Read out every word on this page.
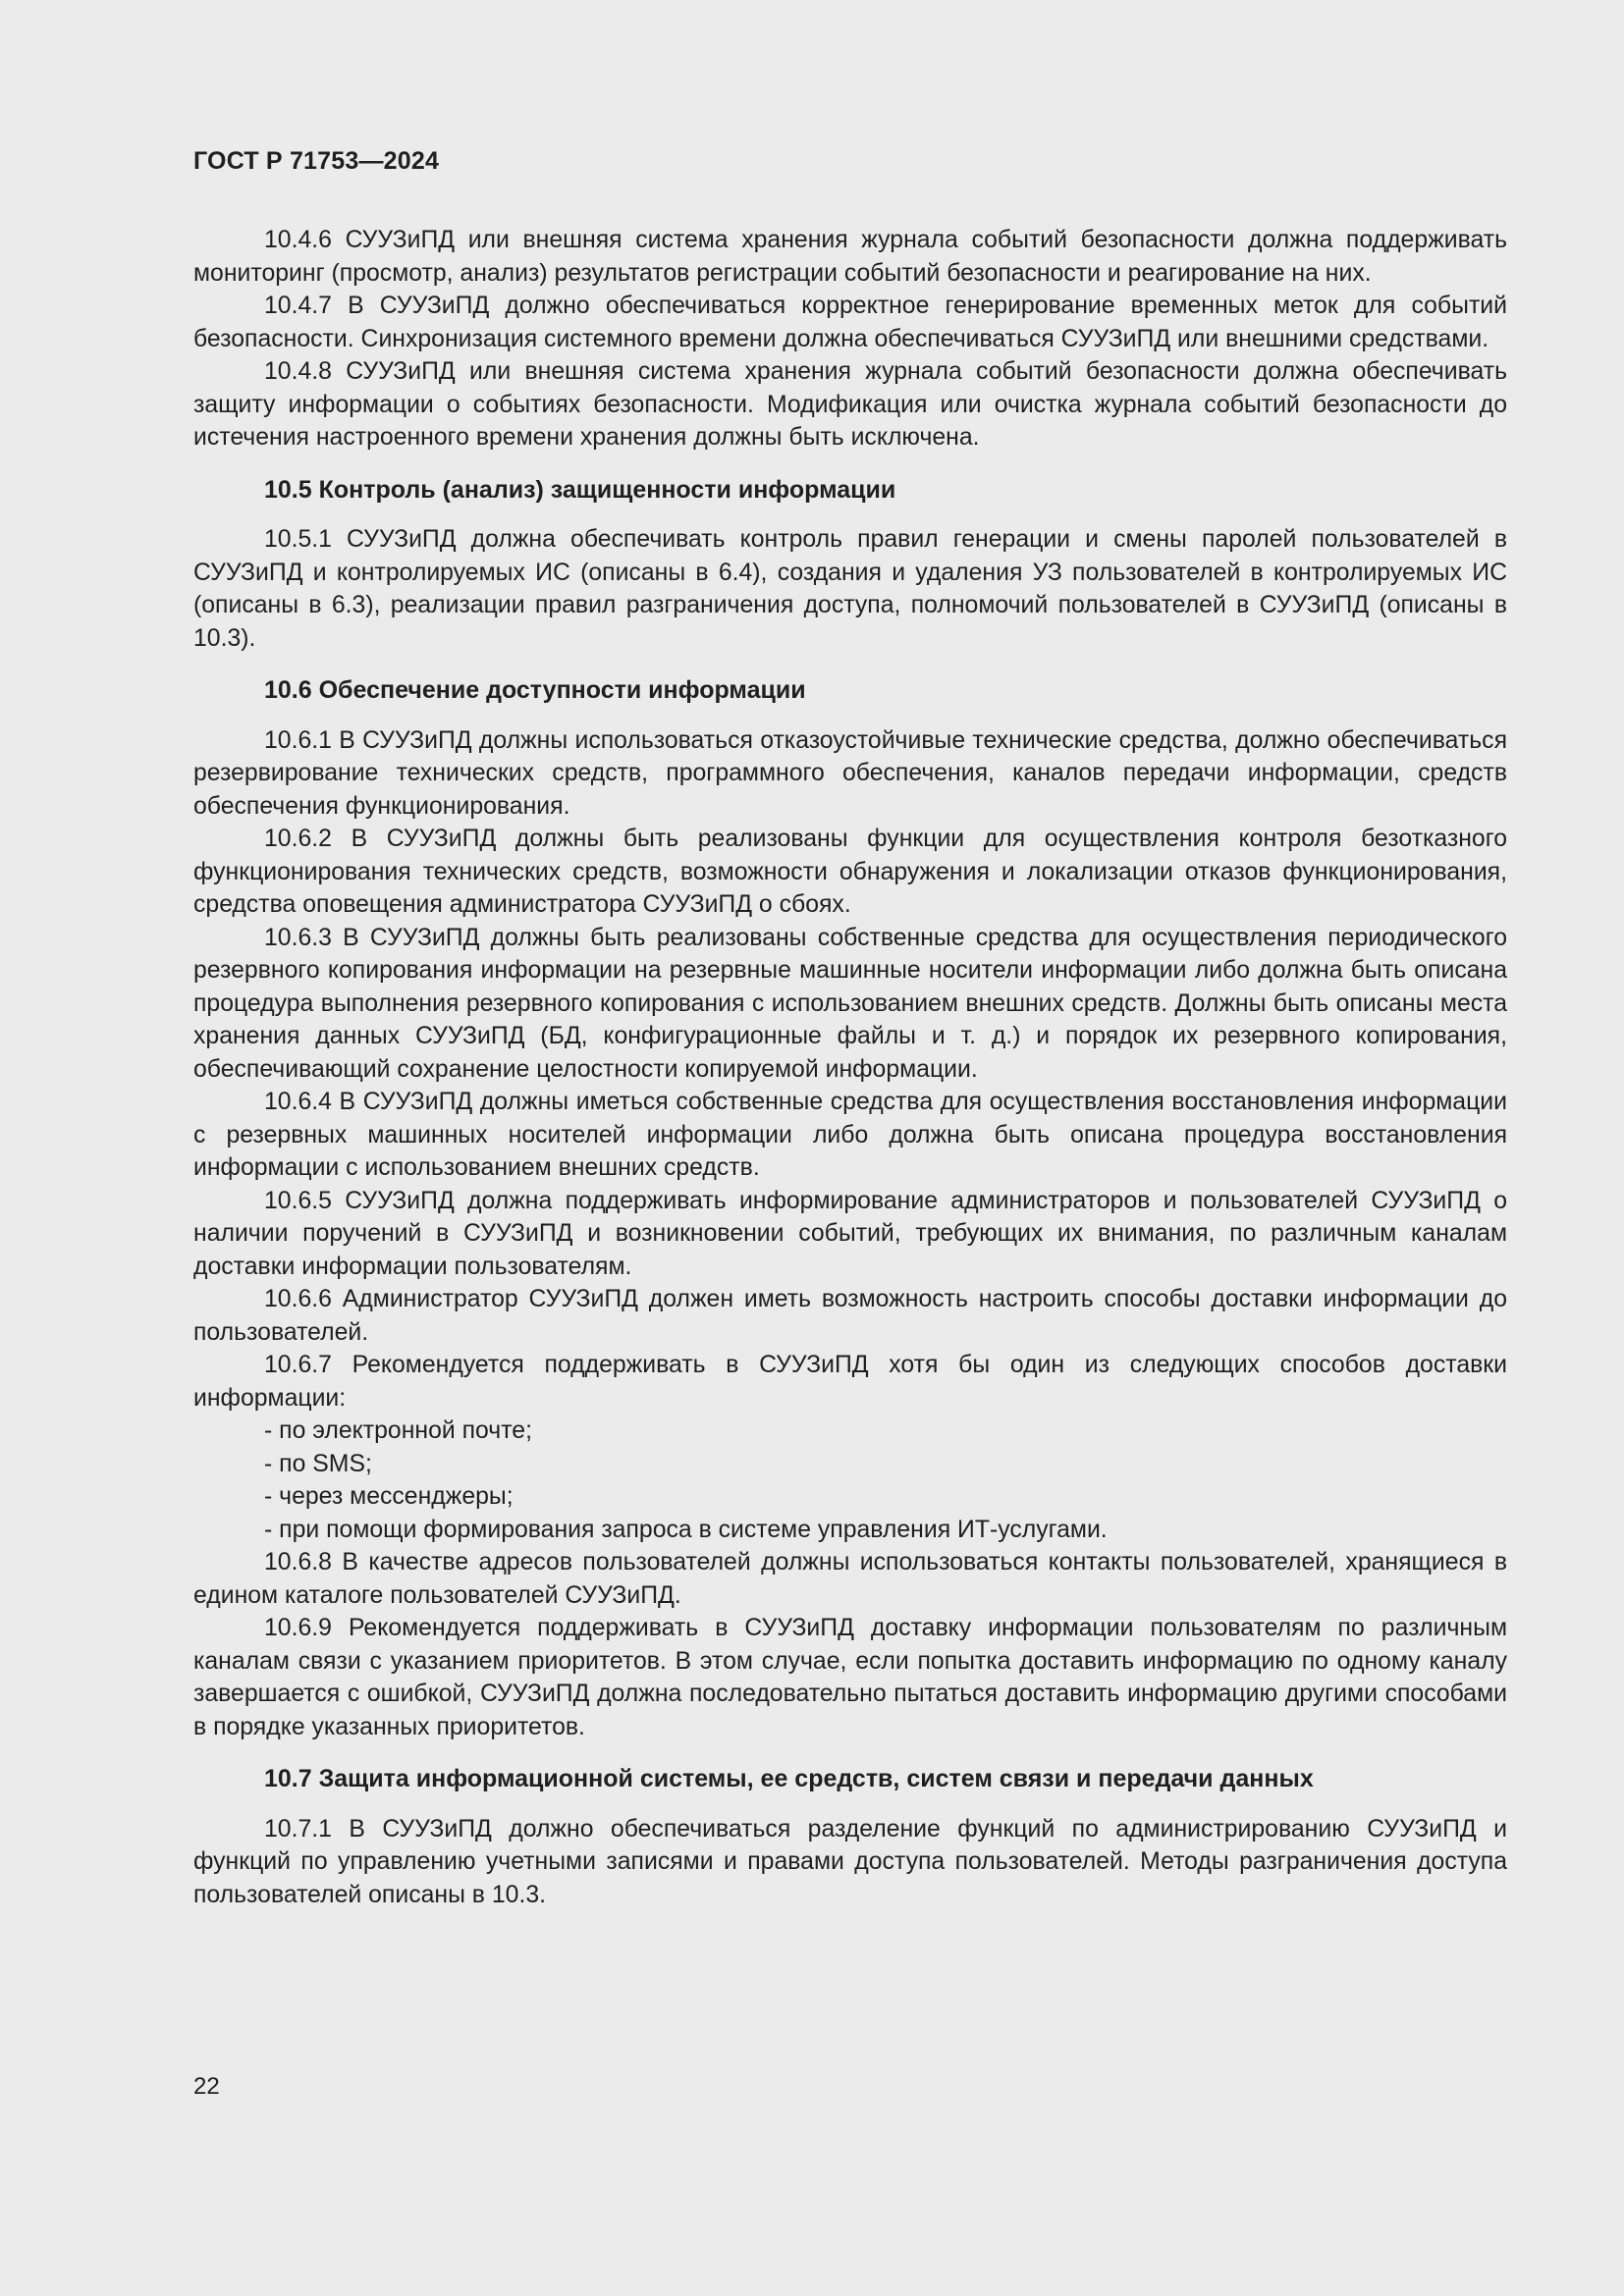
ГОСТ Р 71753—2024

10.4.6 СУУЗиПД или внешняя система хранения журнала событий безопасности должна поддерживать мониторинг (просмотр, анализ) результатов регистрации событий безопасности и реагирование на них.

10.4.7 В СУУЗиПД должно обеспечиваться корректное генерирование временных меток для событий безопасности. Синхронизация системного времени должна обеспечиваться СУУЗиПД или внешними средствами.

10.4.8 СУУЗиПД или внешняя система хранения журнала событий безопасности должна обеспечивать защиту информации о событиях безопасности. Модификация или очистка журнала событий безопасности до истечения настроенного времени хранения должны быть исключена.

10.5 Контроль (анализ) защищенности информации

10.5.1 СУУЗиПД должна обеспечивать контроль правил генерации и смены паролей пользователей в СУУЗиПД и контролируемых ИС (описаны в 6.4), создания и удаления УЗ пользователей в контролируемых ИС (описаны в 6.3), реализации правил разграничения доступа, полномочий пользователей в СУУЗиПД (описаны в 10.3).

10.6 Обеспечение доступности информации

10.6.1 В СУУЗиПД должны использоваться отказоустойчивые технические средства, должно обеспечиваться резервирование технических средств, программного обеспечения, каналов передачи информации, средств обеспечения функционирования.

10.6.2 В СУУЗиПД должны быть реализованы функции для осуществления контроля безотказного функционирования технических средств, возможности обнаружения и локализации отказов функционирования, средства оповещения администратора СУУЗиПД о сбоях.

10.6.3 В СУУЗиПД должны быть реализованы собственные средства для осуществления периодического резервного копирования информации на резервные машинные носители информации либо должна быть описана процедура выполнения резервного копирования с использованием внешних средств. Должны быть описаны места хранения данных СУУЗиПД (БД, конфигурационные файлы и т. д.) и порядок их резервного копирования, обеспечивающий сохранение целостности копируемой информации.

10.6.4 В СУУЗиПД должны иметься собственные средства для осуществления восстановления информации с резервных машинных носителей информации либо должна быть описана процедура восстановления информации с использованием внешних средств.

10.6.5 СУУЗиПД должна поддерживать информирование администраторов и пользователей СУУЗиПД о наличии поручений в СУУЗиПД и возникновении событий, требующих их внимания, по различным каналам доставки информации пользователям.

10.6.6 Администратор СУУЗиПД должен иметь возможность настроить способы доставки информации до пользователей.

10.6.7 Рекомендуется поддерживать в СУУЗиПД хотя бы один из следующих способов доставки информации:

- по электронной почте;

- по SMS;

- через мессенджеры;

- при помощи формирования запроса в системе управления ИТ-услугами.

10.6.8 В качестве адресов пользователей должны использоваться контакты пользователей, хранящиеся в едином каталоге пользователей СУУЗиПД.

10.6.9 Рекомендуется поддерживать в СУУЗиПД доставку информации пользователям по различным каналам связи с указанием приоритетов. В этом случае, если попытка доставить информацию по одному каналу завершается с ошибкой, СУУЗиПД должна последовательно пытаться доставить информацию другими способами в порядке указанных приоритетов.

10.7 Защита информационной системы, ее средств, систем связи и передачи данных

10.7.1 В СУУЗиПД должно обеспечиваться разделение функций по администрированию СУУЗиПД и функций по управлению учетными записями и правами доступа пользователей. Методы разграничения доступа пользователей описаны в 10.3.

22
